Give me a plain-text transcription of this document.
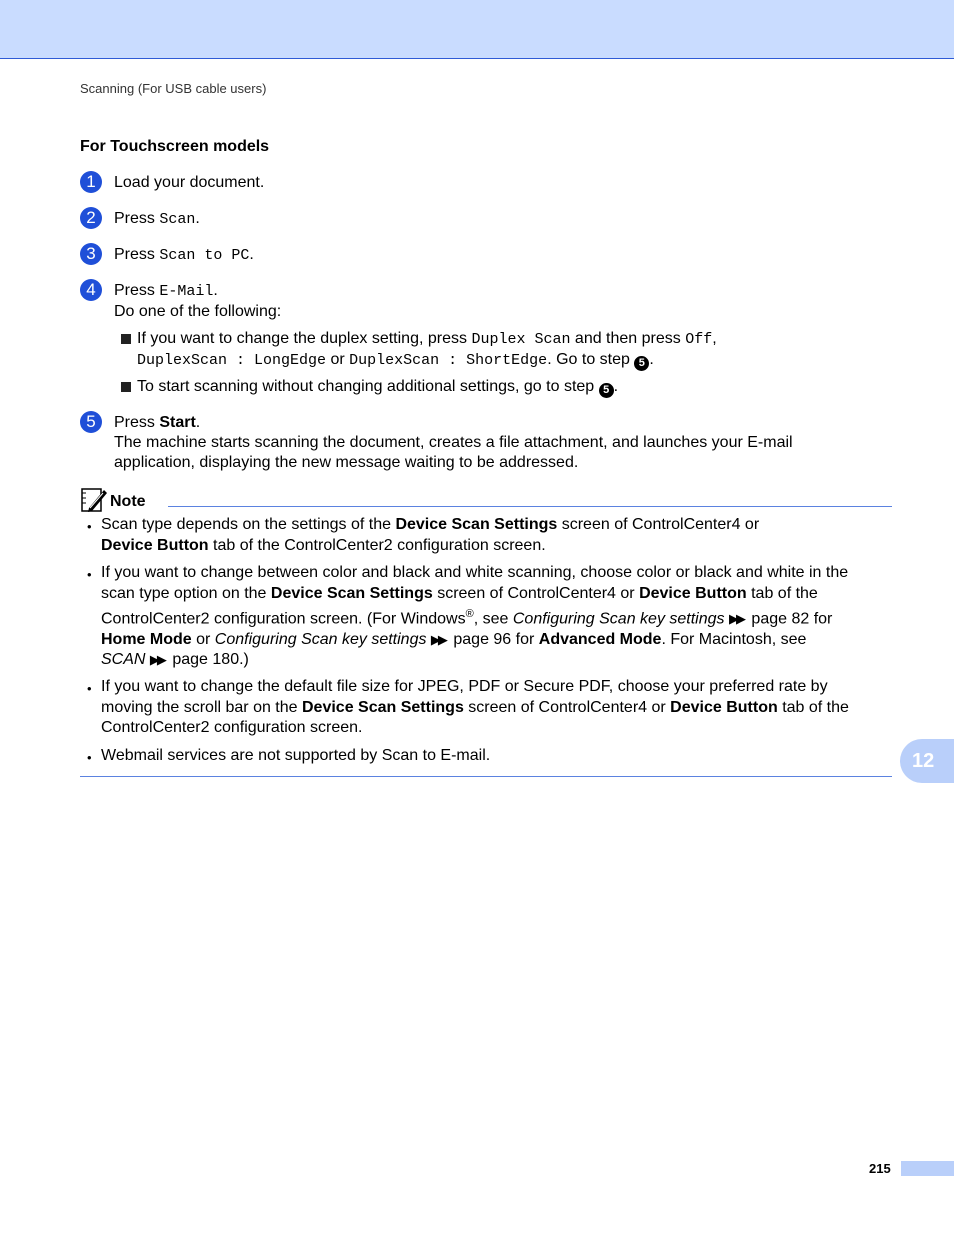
Scanning (For USB cable users)
For Touchscreen models
1	Load your document.
2	Press Scan.
3	Press Scan to PC.
4	Press E-Mail.
Do one of the following:
If you want to change the duplex setting, press Duplex Scan and then press Off,
DuplexScan : LongEdge or DuplexScan : ShortEdge. Go to step 5 .
To start scanning without changing additional settings, go to step 5 .
5	Press Start.
The machine starts scanning the document, creates a file attachment, and launches your E-mail
application, displaying the new message waiting to be addressed.
Note
• Scan type depends on the settings of the Device Scan Settings screen of ControlCenter4 or
Device Button tab of the ControlCenter2 configuration screen.
• If you want to change between color and black and white scanning, choose color or black and white in the
scan type option on the Device Scan Settings screen of ControlCenter4 or Device Button tab of the
ControlCenter2 configuration screen. (For Windows®, see Configuring Scan key settings ▶▶ page 82 for
Home Mode or Configuring Scan key settings ▶▶ page 96 for Advanced Mode. For Macintosh, see
SCAN ▶▶ page 180.)
• If you want to change the default file size for JPEG, PDF or Secure PDF, choose your preferred rate by
moving the scroll bar on the Device Scan Settings screen of ControlCenter4 or Device Button tab of the
ControlCenter2 configuration screen.
• Webmail services are not supported by Scan to E-mail.	12
215
